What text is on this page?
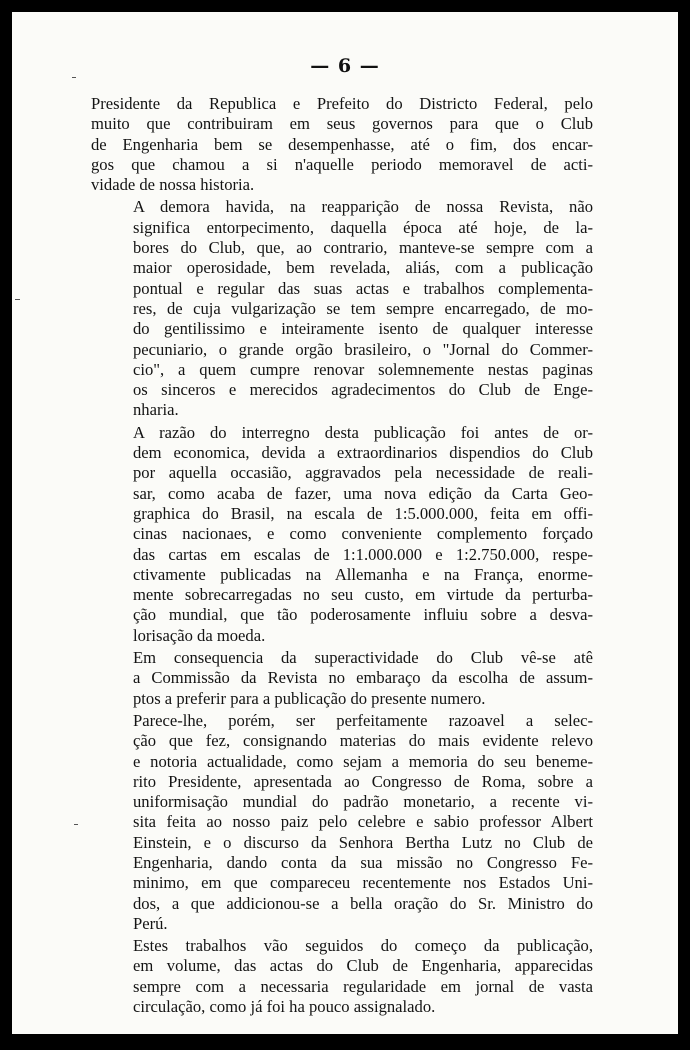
— 6 —

Presidente da Republica e Prefeito do Districto Federal, pelo
muito que contribuiram em seus governos para que o Club
de Engenharia bem se desempenhasse, até o fim, dos encar-
gos que chamou a si n'aquelle periodo memoravel de acti-
vidade de nossa historia.

A demora havida, na reapparição de nossa Revista, não
significa entorpecimento, daquella época até hoje, de la-
bores do Club, que, ao contrario, manteve-se sempre com a
maior operosidade, bem revelada, aliás, com a publicação
pontual e regular das suas actas e trabalhos complementa-
res, de cuja vulgarização se tem sempre encarregado, de mo-
do gentilissimo e inteiramente isento de qualquer interesse
pecuniario, o grande orgão brasileiro, o "Jornal do Commer-
cio", a quem cumpre renovar solemnemente nestas paginas
os sinceros e merecidos agradecimentos do Club de Enge-
nharia.

A razão do interregno desta publicação foi antes de or-
dem economica, devida a extraordinarios dispendios do Club
por aquella occasião, aggravados pela necessidade de reali-
sar, como acaba de fazer, uma nova edição da Carta Geo-
graphica do Brasil, na escala de 1:5.000.000, feita em offi-
cinas nacionaes, e como conveniente complemento forçado
das cartas em escalas de 1:1.000.000 e 1:2.750.000, respe-
ctivamente publicadas na Allemanha e na França, enorme-
mente sobrecarregadas no seu custo, em virtude da perturba-
ção mundial, que tão poderosamente influiu sobre a desva-
lorisação da moeda.

Em consequencia da superactividade do Club vê-se atê
a Commissão da Revista no embaraço da escolha de assum-
ptos a preferir para a publicação do presente numero.

Parece-lhe, porém, ser perfeitamente razoavel a selec-
ção que fez, consignando materias do mais evidente relevo
e notoria actualidade, como sejam a memoria do seu beneme-
rito Presidente, apresentada ao Congresso de Roma, sobre a
uniformisação mundial do padrão monetario, a recente vi-
sita feita ao nosso paiz pelo celebre e sabio professor Albert
Einstein, e o discurso da Senhora Bertha Lutz no Club de
Engenharia, dando conta da sua missão no Congresso Fe-
minimo, em que compareceu recentemente nos Estados Uni-
dos, a que addicionou-se a bella oração do Sr. Ministro do
Perú.

Estes trabalhos vão seguidos do começo da publicação,
em volume, das actas do Club de Engenharia, apparecidas
sempre com a necessaria regularidade em jornal de vasta
circulação, como já foi ha pouco assignalado.
